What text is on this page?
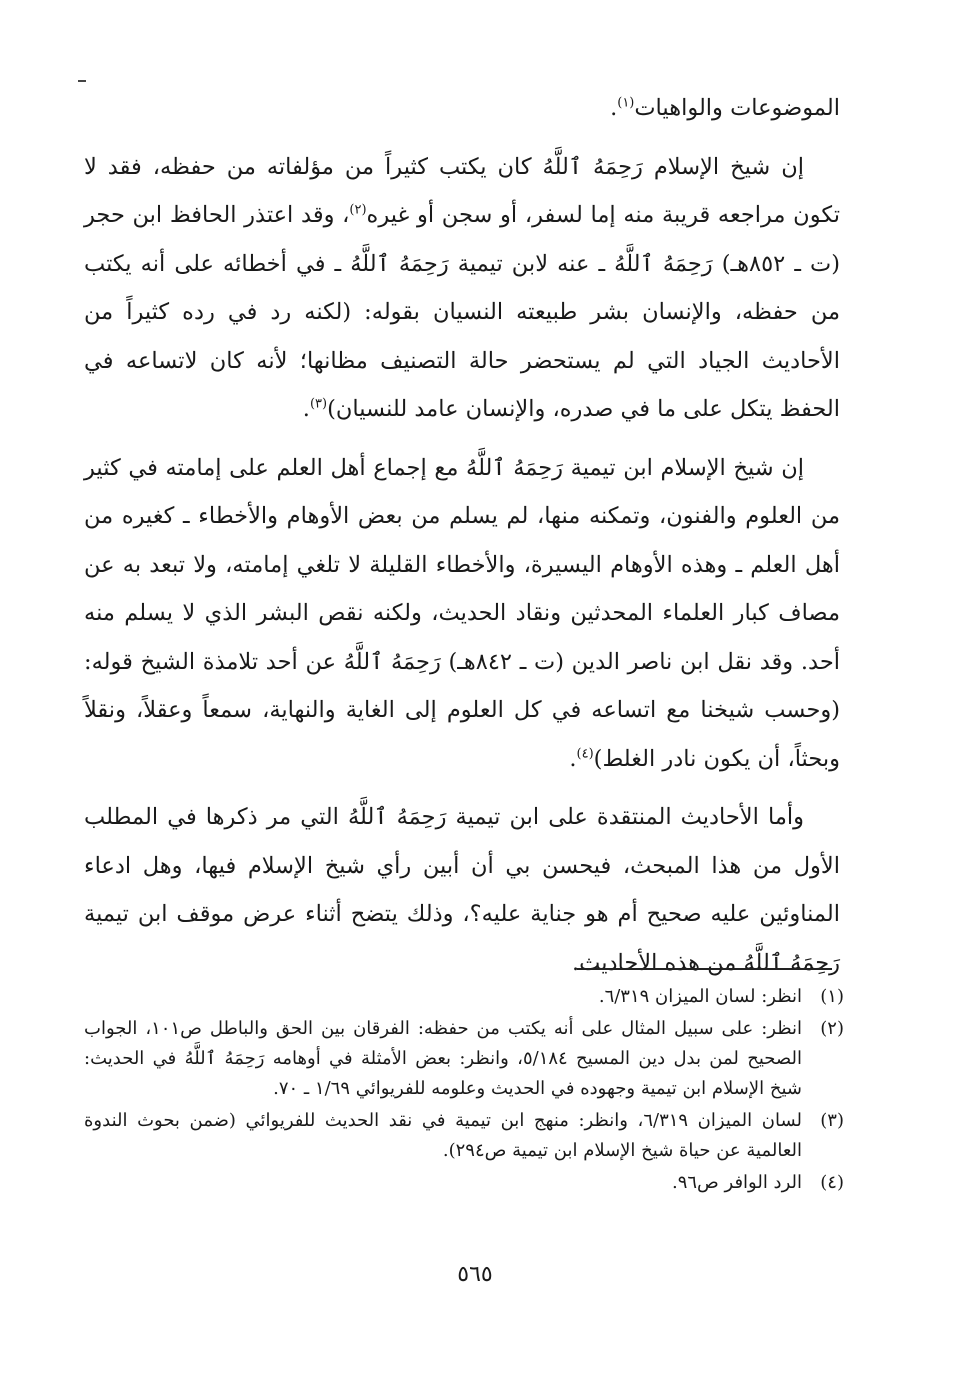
الموضوعات والواهيات$^{(١)}$.

إن شيخ الإسلام رَحِمَهُ ٱللَّهُ كان يكتب كثيراً من مؤلفاته من حفظه، فقد لا تكون مراجعه قريبة منه إما لسفر، أو سجن أو غيره$^{(٢)}$، وقد اعتذر الحافظ ابن حجر (ت ـ ٨٥٢هـ) رَحِمَهُ ٱللَّهُ ـ عنه لابن تيمية رَحِمَهُ ٱللَّهُ ـ في أخطائه على أنه يكتب من حفظه، والإنسان بشر طبيعته النسيان بقوله: (لكنه رد في رده كثيراً من الأحاديث الجياد التي لم يستحضر حالة التصنيف مظانها؛ لأنه كان لاتساعه في الحفظ يتكل على ما في صدره، والإنسان عامد للنسيان)$^{(٣)}$.

إن شيخ الإسلام ابن تيمية رَحِمَهُ ٱللَّهُ مع إجماع أهل العلم على إمامته في كثير من العلوم والفنون، وتمكنه منها، لم يسلم من بعض الأوهام والأخطاء ـ كغيره من أهل العلم ـ وهذه الأوهام اليسيرة، والأخطاء القليلة لا تلغي إمامته، ولا تبعد به عن مصاف كبار العلماء المحدثين ونقاد الحديث، ولكنه نقص البشر الذي لا يسلم منه أحد. وقد نقل ابن ناصر الدين (ت ـ ٨٤٢هـ) رَحِمَهُ ٱللَّهُ عن أحد تلامذة الشيخ قوله: (وحسب شيخنا مع اتساعه في كل العلوم إلى الغاية والنهاية، سمعاً وعقلاً، ونقلاً وبحثاً، أن يكون نادر الغلط)$^{(٤)}$.

وأما الأحاديث المنتقدة على ابن تيمية رَحِمَهُ ٱللَّهُ التي مر ذكرها في المطلب الأول من هذا المبحث، فيحسن بي أن أبين رأي شيخ الإسلام فيها، وهل ادعاء المناوئين عليه صحيح أم هو جناية عليه؟، وذلك يتضح أثناء عرض موقف ابن تيمية رَحِمَهُ ٱللَّهُ من هذه الأحاديث.

(١)
انظر: لسان الميزان ٦/٣١٩.
(٢)
انظر: على سبيل المثال على أنه يكتب من حفظه: الفرقان بين الحق والباطل ص١٠١، الجواب الصحيح لمن بدل دين المسيح ٥/١٨٤، وانظر: بعض الأمثلة في أوهامه رَحِمَهُ ٱللَّهُ في الحديث: شيخ الإسلام ابن تيمية وجهوده في الحديث وعلومه للفريوائي ١/٦٩ ـ ٧٠.
(٣)
لسان الميزان ٦/٣١٩، وانظر: منهج ابن تيمية في نقد الحديث للفريوائي (ضمن بحوث الندوة العالمية عن حياة شيخ الإسلام ابن تيمية ص٢٩٤).
(٤)
الرد الوافر ص٩٦.
٥٦٥
